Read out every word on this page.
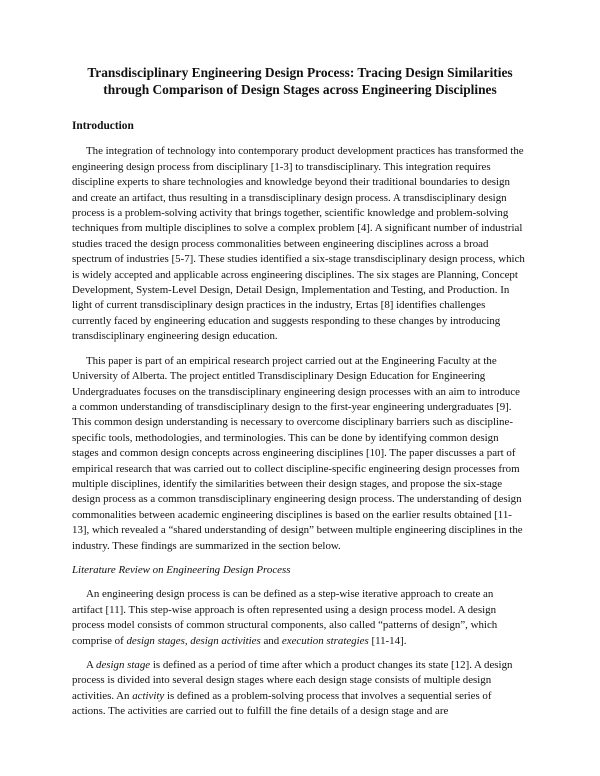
Transdisciplinary Engineering Design Process: Tracing Design Similarities
through Comparison of Design Stages across Engineering Disciplines
Introduction

The integration of technology into contemporary product development practices has transformed the engineering design process from disciplinary [1-3] to transdisciplinary. This integration requires discipline experts to share technologies and knowledge beyond their traditional boundaries to design and create an artifact, thus resulting in a transdisciplinary design process. A transdisciplinary design process is a problem-solving activity that brings together, scientific knowledge and problem-solving techniques from multiple disciplines to solve a complex problem [4]. A significant number of industrial studies traced the design process commonalities between engineering disciplines across a broad spectrum of industries [5-7]. These studies identified a six-stage transdisciplinary design process, which is widely accepted and applicable across engineering disciplines. The six stages are Planning, Concept Development, System-Level Design, Detail Design, Implementation and Testing, and Production. In light of current transdisciplinary design practices in the industry, Ertas [8] identifies challenges currently faced by engineering education and suggests responding to these changes by introducing transdisciplinary engineering design education.

This paper is part of an empirical research project carried out at the Engineering Faculty at the University of Alberta. The project entitled Transdisciplinary Design Education for Engineering Undergraduates focuses on the transdisciplinary engineering design processes with an aim to introduce a common understanding of transdisciplinary design to the first-year engineering undergraduates [9]. This common design understanding is necessary to overcome disciplinary barriers such as discipline-specific tools, methodologies, and terminologies. This can be done by identifying common design stages and common design concepts across engineering disciplines [10]. The paper discusses a part of empirical research that was carried out to collect discipline-specific engineering design processes from multiple disciplines, identify the similarities between their design stages, and propose the six-stage design process as a common transdisciplinary engineering design process. The understanding of design commonalities between academic engineering disciplines is based on the earlier results obtained [11-13], which revealed a “shared understanding of design” between multiple engineering disciplines in the industry. These findings are summarized in the section below.

Literature Review on Engineering Design Process

An engineering design process is can be defined as a step-wise iterative approach to create an artifact [11]. This step-wise approach is often represented using a design process model. A design process model consists of common structural components, also called “patterns of design”, which comprise of design stages, design activities and execution strategies [11-14].

A design stage is defined as a period of time after which a product changes its state [12]. A design process is divided into several design stages where each design stage consists of multiple design activities. An activity is defined as a problem-solving process that involves a sequential series of actions. The activities are carried out to fulfill the fine details of a design stage and are
